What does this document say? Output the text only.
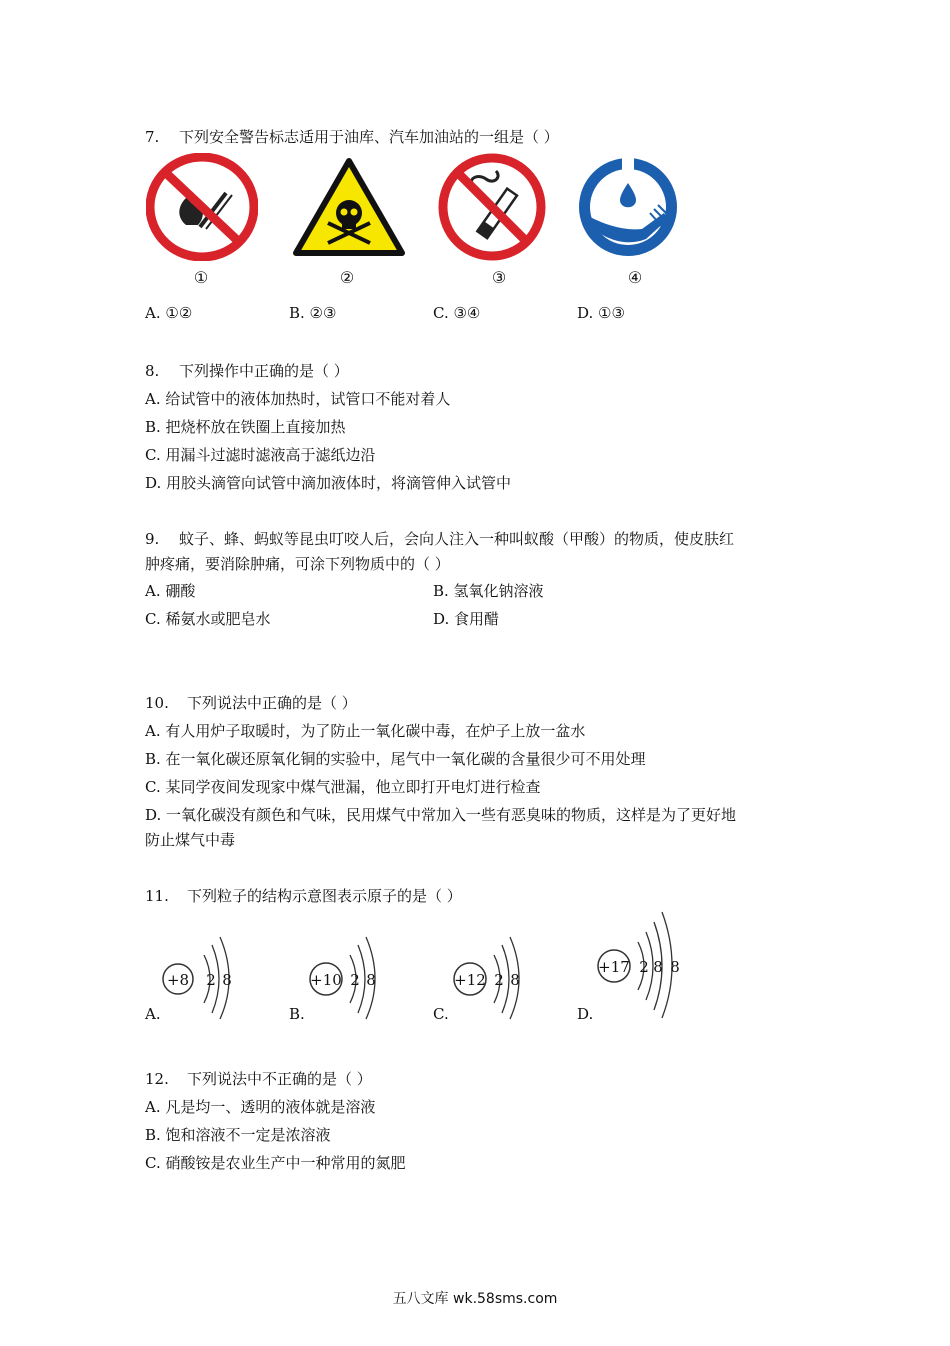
7. 下列安全警告标志适用于油库、汽车加油站的一组是（ ）
①	②	③	④
A. ①②	B. ②③	C. ③④	D. ①③
8. 下列操作中正确的是（ ）
A. 给试管中的液体加热时，试管口不能对着人
B. 把烧杯放在铁圈上直接加热
C. 用漏斗过滤时滤液高于滤纸边沿
D. 用胶头滴管向试管中滴加液体时，将滴管伸入试管中
9. 蚊子、蜂、蚂蚁等昆虫叮咬人后，会向人注入一种叫蚁酸（甲酸）的物质，使皮肤红
肿疼痛，要消除肿痛，可涂下列物质中的（ ）
A. 硼酸	B. 氢氧化钠溶液
C. 稀氨水或肥皂水	D. 食用醋
10. 下列说法中正确的是（ ）
A. 有人用炉子取暖时，为了防止一氧化碳中毒，在炉子上放一盆水
B. 在一氧化碳还原氧化铜的实验中，尾气中一氧化碳的含量很少可不用处理
C. 某同学夜间发现家中煤气泄漏，他立即打开电灯进行检查
D. 一氧化碳没有颜色和气味，民用煤气中常加入一些有恶臭味的物质，这样是为了更好地
防止煤气中毒
11. 下列粒子的结构示意图表示原子的是（ ）
+8 2 8
A.
+10 2 8
B.
+12 2 8
C.
+17 2 8 8
D.
12. 下列说法中不正确的是（ ）
A. 凡是均一、透明的液体就是溶液
B. 饱和溶液不一定是浓溶液
C. 硝酸铵是农业生产中一种常用的氮肥
五八文库 wk.58sms.com
